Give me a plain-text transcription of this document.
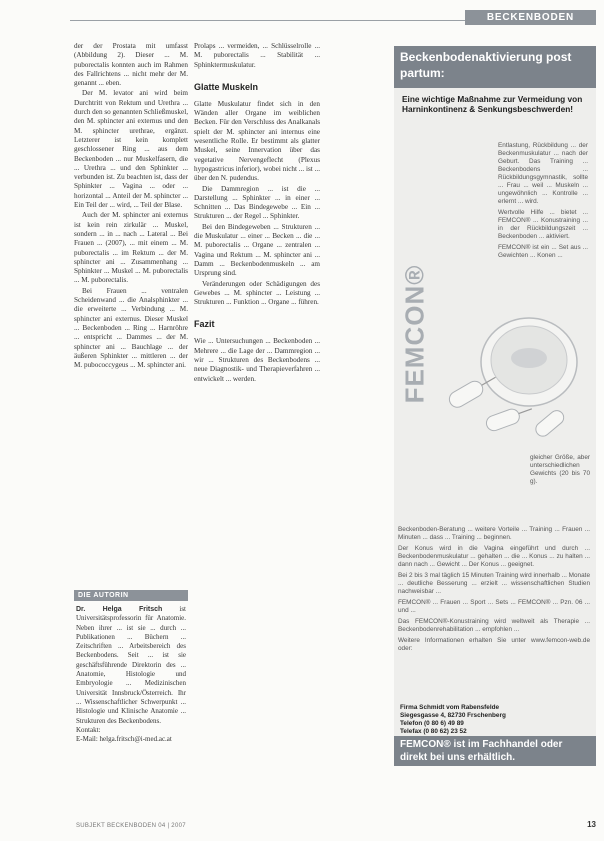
BECKENBODEN

der der Prostata mit umfasst (Abbildung 2). Dieser ... M. puborectalis konnten auch im Rahmen des Fallrichtens ... nicht mehr der M. genannt ... eben.

Der M. levator ani wird beim Durchtritt von Rektum und Urethra ... durch den so genannten Schließmuskel, den M. sphincter ani externus und den M. sphincter urethrae, ergänzt. Letzterer ist kein komplett geschlossener Ring ... aus dem Beckenboden ... nur Muskelfasern, die ... Urethra ... und den Sphinkter ... verbunden ist. Zu beachten ist, dass der Sphinkter ... Vagina ... oder ... horizontal ... Anteil der M. sphincter ... Ein Teil der ... wird, ... Teil der Blase.

Auch der M. sphincter ani externus ist kein rein zirkulär ... Muskel, sondern ... in ... nach ... Lateral ... Bei Frauen ... (2007), ... mit einem ... M. puborectalis ... im Rektum ... der M. sphincter ani ... Zusammenhang ... Sphinkter ... Muskel ... M. puborectalis ... M. puborectalis.

Bei Frauen ... ventralen Scheidenwand ... die Analsphinkter ... die erweiterte ... Verbindung ... M. sphincter ani externus. Dieser Muskel ... Beckenboden ... Ring ... Harnröhre ... entspricht ... Dammes ... der M. sphincter ani ... Bauchlage ... der äußeren Sphinkter ... mittleren ... der M. pubococcygeus ... M. sphincter ani.

DIE AUTORIN
Dr. Helga Fritsch ist Universitätsprofessorin für Anatomie. Neben ihrer ... ist sie ... durch ... Publikationen ... Büchern ... Zeitschriften ... Arbeitsbereich des Beckenbodens. Seit ... ist sie geschäftsführende Direktorin des ... Anatomie, Histologie und Embryologie ... Medizinischen Universität Innsbruck/Österreich. Ihr ... Wissenschaftlicher Schwerpunkt ... Histologie und Klinische Anatomie ... Strukturen des Beckenbodens.
Kontakt:
E-Mail: helga.fritsch@i-med.ac.at

Prolaps ... vermeiden, ... Schlüsselrolle ... M. puborectalis ... Stabilität ... Sphinktermuskulatur.

Glatte Muskeln

Glatte Muskulatur findet sich in den Wänden aller Organe im weiblichen Becken. Für den Verschluss des Analkanals spielt der M. sphincter ani internus eine wesentliche Rolle. Er bestimmt als glatter Muskel, seine Innervation über das vegetative Nervengeflecht (Plexus hypogastricus inferior), wobei nicht ... ist ... über den N. pudendus.

Die Dammregion ... ist die ... Darstellung ... Sphinkter ... in einer ... Schnitten ... Das Bindegewebe ... Ein ... Strukturen ... der Regel ... Sphinkter.

Bei den Bindegeweben ... Strukturen ... die Muskulatur ... einer ... Becken ... die ... M. puborectalis ... Organe ... zentralen ... Vagina und Rektum ... M. sphincter ani ... Damm ... Beckenbodenmuskeln ... am Ursprung sind.

Veränderungen oder Schädigungen des Gewebes ... M. sphincter ... Leistung ... Strukturen ... Funktion ... Organe ... führen.

Fazit

Wie ... Untersuchungen ... Beckenboden ... Mehrere ... die Lage der ... Dammregion ... wir ... Strukturen des Beckenbodens ... neue Diagnostik- und Therapieverfahren ... entwickelt ... werden.

Beckenbodenaktivierung post partum:
Eine wichtige Maßnahme zur Vermeidung von Harninkontinenz & Senkungsbeschwerden!

Entlastung, Rückbildung ... der Beckenmuskulatur ... nach der Geburt. Das Training ... Beckenbodens ... Rückbildungsgymnastik, sollte ... Frau ... weil ... Muskeln ... ungewöhnlich ... Kontrolle ... erlernt ... wird.

Wertvolle Hilfe ... bietet ... FEMCON® ... Konustraining ... in der Rückbildungszeit ... Beckenboden ... aktiviert.

FEMCON® ist ein ... Set aus ... Gewichten ... Konen ...

FEMCON®
gleicher Größe, aber unterschiedlichen Gewichts (20 bis 70 g).

Beckenboden-Beratung ... weitere Vorteile ... Training ... Frauen ... Minuten ... dass ... Training ... beginnen.

Der Konus wird in die Vagina eingeführt und durch ... Beckenbodenmuskulatur ... gehalten ... die ... Konus ... zu halten ... dann nach ... Gewicht ... Der Konus ... geeignet.

Bei 2 bis 3 mal täglich 15 Minuten Training wird innerhalb ... Monate ... deutliche Besserung ... erzielt ... wissenschaftlichen Studien nachweisbar ...

FEMCON® ... Frauen ... Sport ... Sets ... FEMCON® ... Pzn. 06 ... und ...

Das FEMCON®-Konustraining wird weltweit als Therapie ... Beckenbodenrehabilitation ... empfohlen ...

Weitere Informationen erhalten Sie unter www.femcon-web.de oder:

Firma Schmidt vom Rabensfelde
Siegesgasse 4, 82730 Frschenberg
Telefon (0 80 6) 49 89
Telefax (0 80 62) 23 52
FEMCON® ist im Fachhandel oder direkt bei uns erhältlich.
SUBJEKT BECKENBODEN 04 | 2007	13
